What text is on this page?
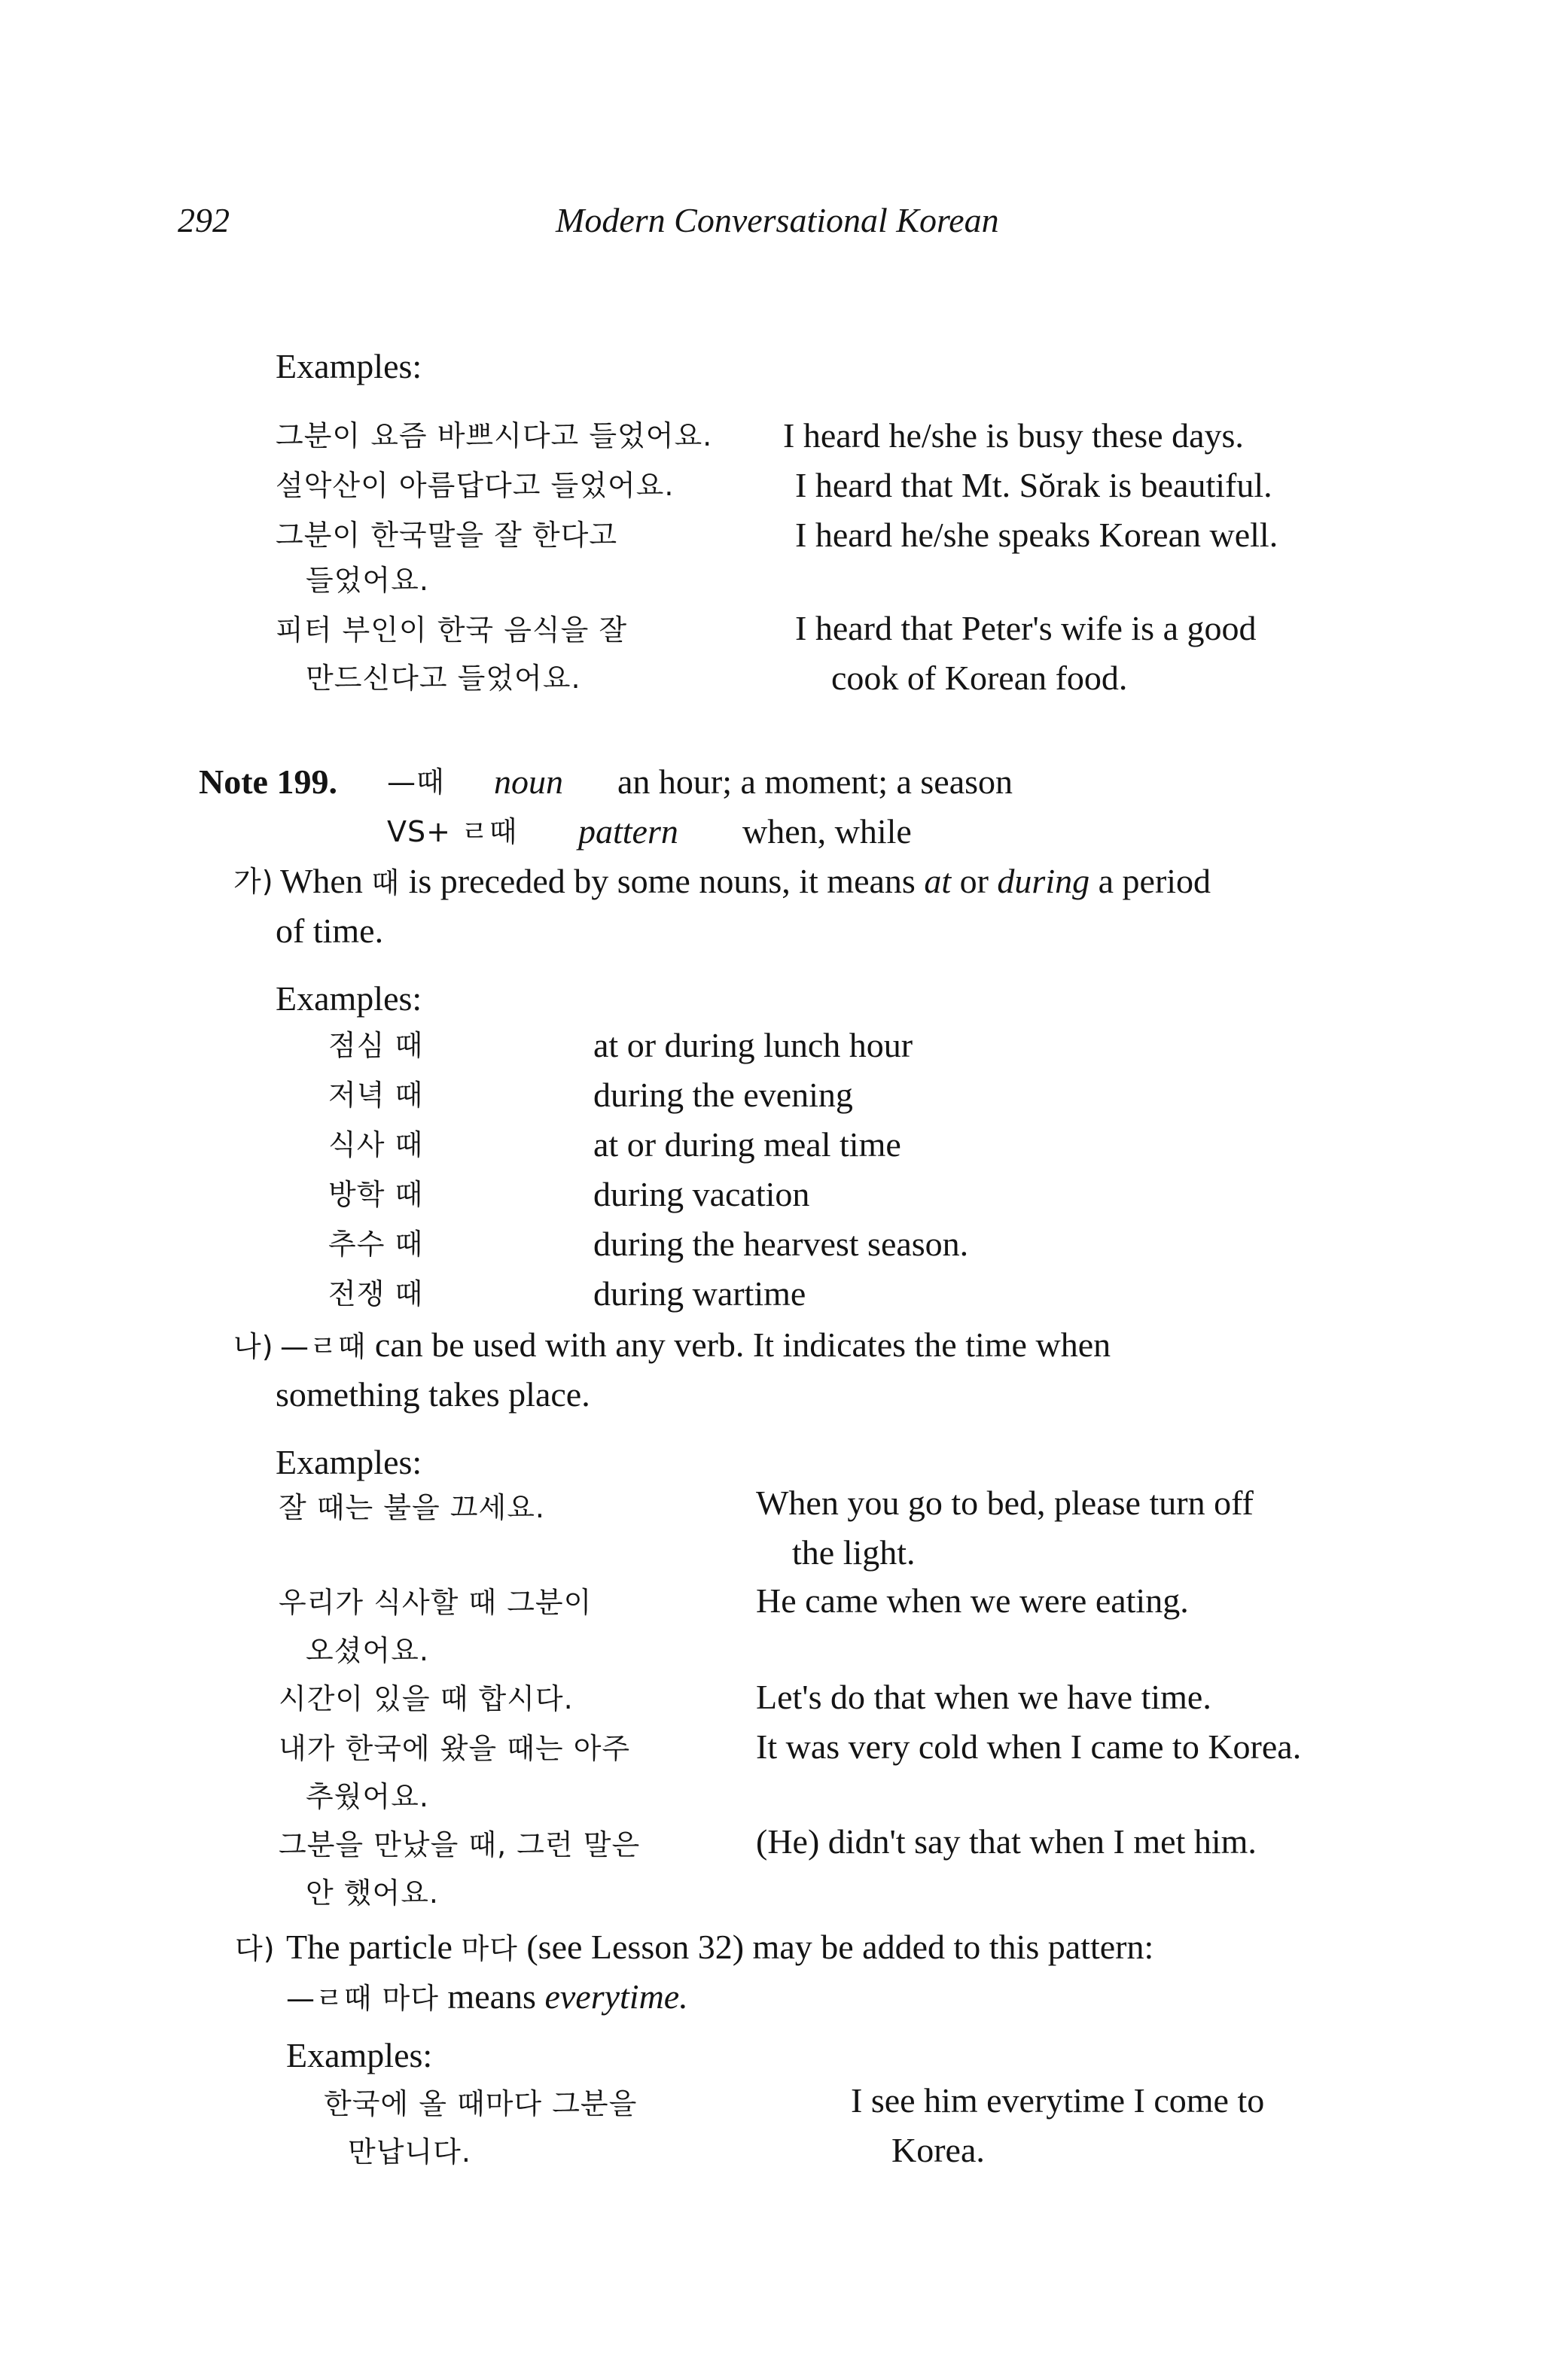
292	Modern Conversational Korean
Examples:
그분이 요즘 바쁘시다고 들었어요. I heard he/she is busy these days.
설악산이 아름답다고 들었어요.	I heard that Mt. Sŏrak is beautiful.
그분이 한국말을 잘 한다고
들었어요.
I heard he/she speaks Korean well.
피터 부인이 한국 음식을 잘
만드신다고 들었어요.
I heard that Peter's wife is a good
cook of Korean food.
Note 199. —때 noun an hour; a moment; a season
VS+ ㄹ때 pattern when, while
가) When 때 is preceded by some nouns, it means at or during a period
of time.
Examples:
점심 때	at or during lunch hour
저녁 때	during the evening
식사 때	at or during meal time
방학 때	during vacation
추수 때	during the hearvest season.
전쟁 때	during wartime
나) —ㄹ때 can be used with any verb. It indicates the time when
something takes place.
Examples:
잘 때는 불을 끄세요.	When you go to bed, please turn off
the light.
우리가 식사할 때 그분이
오셨어요.
He came when we were eating.
시간이 있을 때 합시다.	Let's do that when we have time.
내가 한국에 왔을 때는 아주
추웠어요.
It was very cold when I came to Korea.
그분을 만났을 때, 그런 말은
안 했어요.
(He) didn't say that when I met him.
다) The particle 마다 (see Lesson 32) may be added to this pattern:
—ㄹ때 마다 means everytime.
Examples:
한국에 올 때마다 그분을
만납니다.
I see him everytime I come to
Korea.
